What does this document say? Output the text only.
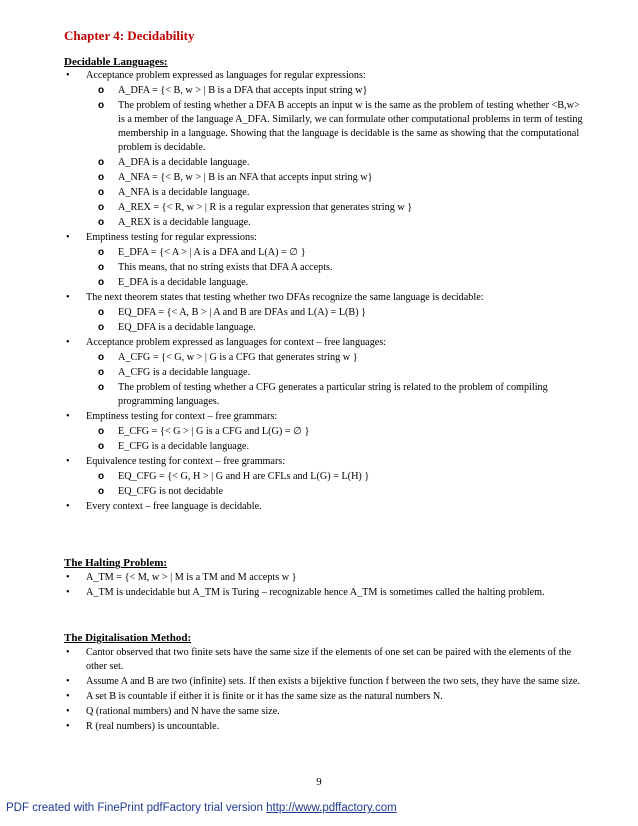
Chapter 4: Decidability
Decidable Languages:
• Acceptance problem expressed as languages for regular expressions:
o A_DFA = {< B, w > | B is a DFA that accepts input string w}
o The problem of testing whether a DFA B accepts an input w is the same as the problem of testing whether <B,w> is a member of the language A_DFA. Similarly, we can formulate other computational problems in term of testing membership in a language. Showing that the language is decidable is the same as showing that the computational problem is decidable.
o A_DFA is a decidable language.
o A_NFA = {< B, w > | B is an NFA that accepts input string w}
o A_NFA is a decidable language.
o A_REX = {< R, w > | R is a regular expression that generates string w }
o A_REX is a decidable language.
• Emptiness testing for regular expressions:
o E_DFA = {< A > | A is a DFA and L(A) = ∅ }
o This means, that no string exists that DFA A accepts.
o E_DFA is a decidable language.
• The next theorem states that testing whether two DFAs recognize the same language is decidable:
o EQ_DFA = {< A, B > | A and B are DFAs and L(A) = L(B) }
o EQ_DFA is a decidable language.
• Acceptance problem expressed as languages for context – free languages:
o A_CFG = {< G, w > | G is a CFG that generates string w }
o A_CFG is a decidable language.
o The problem of testing whether a CFG generates a particular string is related to the problem of compiling programming languages.
• Emptiness testing for context – free grammars:
o E_CFG = {< G > | G is a CFG and L(G) = ∅ }
o E_CFG is a decidable language.
• Equivalence testing for context – free grammars:
o EQ_CFG = {< G, H > | G and H are CFLs and L(G) = L(H) }
o EQ_CFG is not decidable
• Every context – free language is decidable.
The Halting Problem:
• A_TM = {< M, w > | M is a TM and M accepts w }
• A_TM is undecidable but A_TM is Turing – recognizable hence A_TM is sometimes called the halting problem.
The Digitalisation Method:
• Cantor observed that two finite sets have the same size if the elements of one set can be paired with the elements of the other set.
• Assume A and B are two (infinite) sets. If then exists a bijektive function f between the two sets, they have the same size.
• A set B is countable if either it is finite or it has the same size as the natural numbers N.
• Q (rational numbers) and N have the same size.
• R (real numbers) is uncountable.
9
PDF created with FinePrint pdfFactory trial version http://www.pdffactory.com
